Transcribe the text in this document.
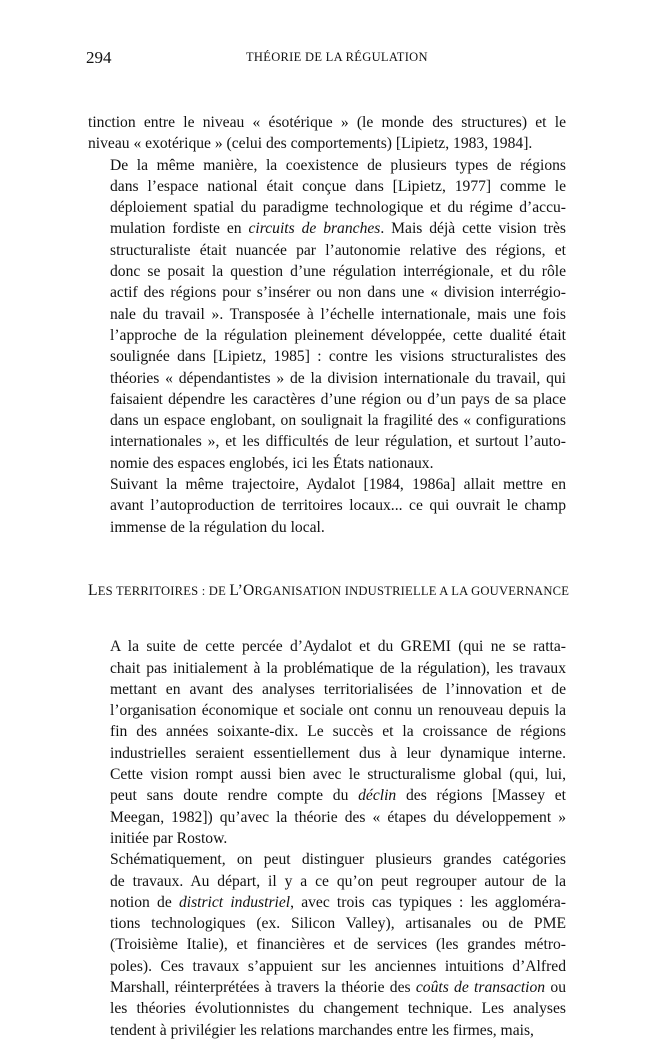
294	THÉORIE DE LA RÉGULATION

tinction entre le niveau « ésotérique » (le monde des structures) et le
niveau « exotérique » (celui des comportements) [Lipietz, 1983, 1984].

De la même manière, la coexistence de plusieurs types de régions
dans l’espace national était conçue dans [Lipietz, 1977] comme le
déploiement spatial du paradigme technologique et du régime d’accu-
mulation fordiste en circuits de branches. Mais déjà cette vision très
structuraliste était nuancée par l’autonomie relative des régions, et
donc se posait la question d’une régulation interrégionale, et du rôle
actif des régions pour s’insérer ou non dans une « division interrégio-
nale du travail ». Transposée à l’échelle internationale, mais une fois
l’approche de la régulation pleinement développée, cette dualité était
soulignée dans [Lipietz, 1985] : contre les visions structuralistes des
théories « dépendantistes » de la division internationale du travail, qui
faisaient dépendre les caractères d’une région ou d’un pays de sa place
dans un espace englobant, on soulignait la fragilité des « configurations
internationales », et les difficultés de leur régulation, et surtout l’auto-
nomie des espaces englobés, ici les États nationaux.

Suivant la même trajectoire, Aydalot [1984, 1986a] allait mettre en
avant l’autoproduction de territoires locaux... ce qui ouvrait le champ
immense de la régulation du local.

LES TERRITOIRES : DE L’ORGANISATION INDUSTRIELLE A LA GOUVERNANCE

A la suite de cette percée d’Aydalot et du GREMI (qui ne se ratta-
chait pas initialement à la problématique de la régulation), les travaux
mettant en avant des analyses territorialisées de l’innovation et de
l’organisation économique et sociale ont connu un renouveau depuis la
fin des années soixante-dix. Le succès et la croissance de régions
industrielles seraient essentiellement dus à leur dynamique interne.
Cette vision rompt aussi bien avec le structuralisme global (qui, lui,
peut sans doute rendre compte du déclin des régions [Massey et
Meegan, 1982]) qu’avec la théorie des « étapes du développement »
initiée par Rostow.

Schématiquement, on peut distinguer plusieurs grandes catégories
de travaux. Au départ, il y a ce qu’on peut regrouper autour de la
notion de district industriel, avec trois cas typiques : les aggloméra-
tions technologiques (ex. Silicon Valley), artisanales ou de PME
(Troisième Italie), et financières et de services (les grandes métro-
poles). Ces travaux s’appuient sur les anciennes intuitions d’Alfred
Marshall, réinterprétées à travers la théorie des coûts de transaction ou
les théories évolutionnistes du changement technique. Les analyses
tendent à privilégier les relations marchandes entre les firmes, mais,
